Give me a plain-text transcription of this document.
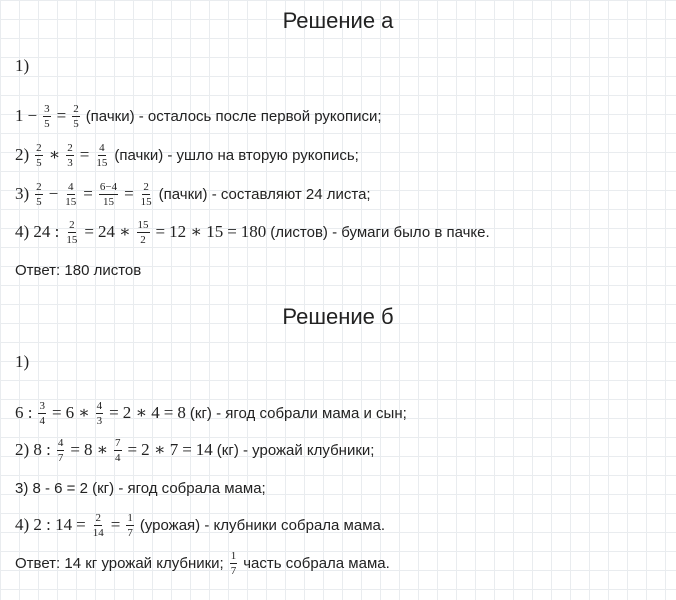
Решение а
1)
$1 - \frac{3}{5} = \frac{2}{5}$ (пачки) - осталось после первой рукописи;
$2) \frac{2}{5}$ ∗ $\frac{2}{3} = \frac{4}{15}$ (пачки) - ушло на вторую рукопись;
$3) \frac{2}{5} - \frac{4}{15} = \frac{6-4}{15} = \frac{2}{15}$ (пачки) - составляют 24 листа;
4) 24 : $\frac{2}{15} = 24$ ∗ $\frac{15}{2} = 12$ ∗ 15 = 180 (листов) - бумаги было в пачке.
Ответ: 180 листов
Решение б
1)
6 : $\frac{3}{4} = 6$ ∗ $\frac{4}{3} = 2$ ∗ 4 = 8 (кг) - ягод собрали мама и сын;
2) 8 : $\frac{4}{7} = 8$ ∗ $\frac{7}{4} = 2$ ∗ 7 = 14 (кг) - урожай клубники;
3) 8 - 6 = 2 (кг) - ягод собрала мама;
4) 2 : $14 = \frac{2}{14} = \frac{1}{7}$ (урожая) - клубники собрала мама.
Ответ: 14 кг урожай клубники; $\frac{1}{7}$ часть собрала мама.
